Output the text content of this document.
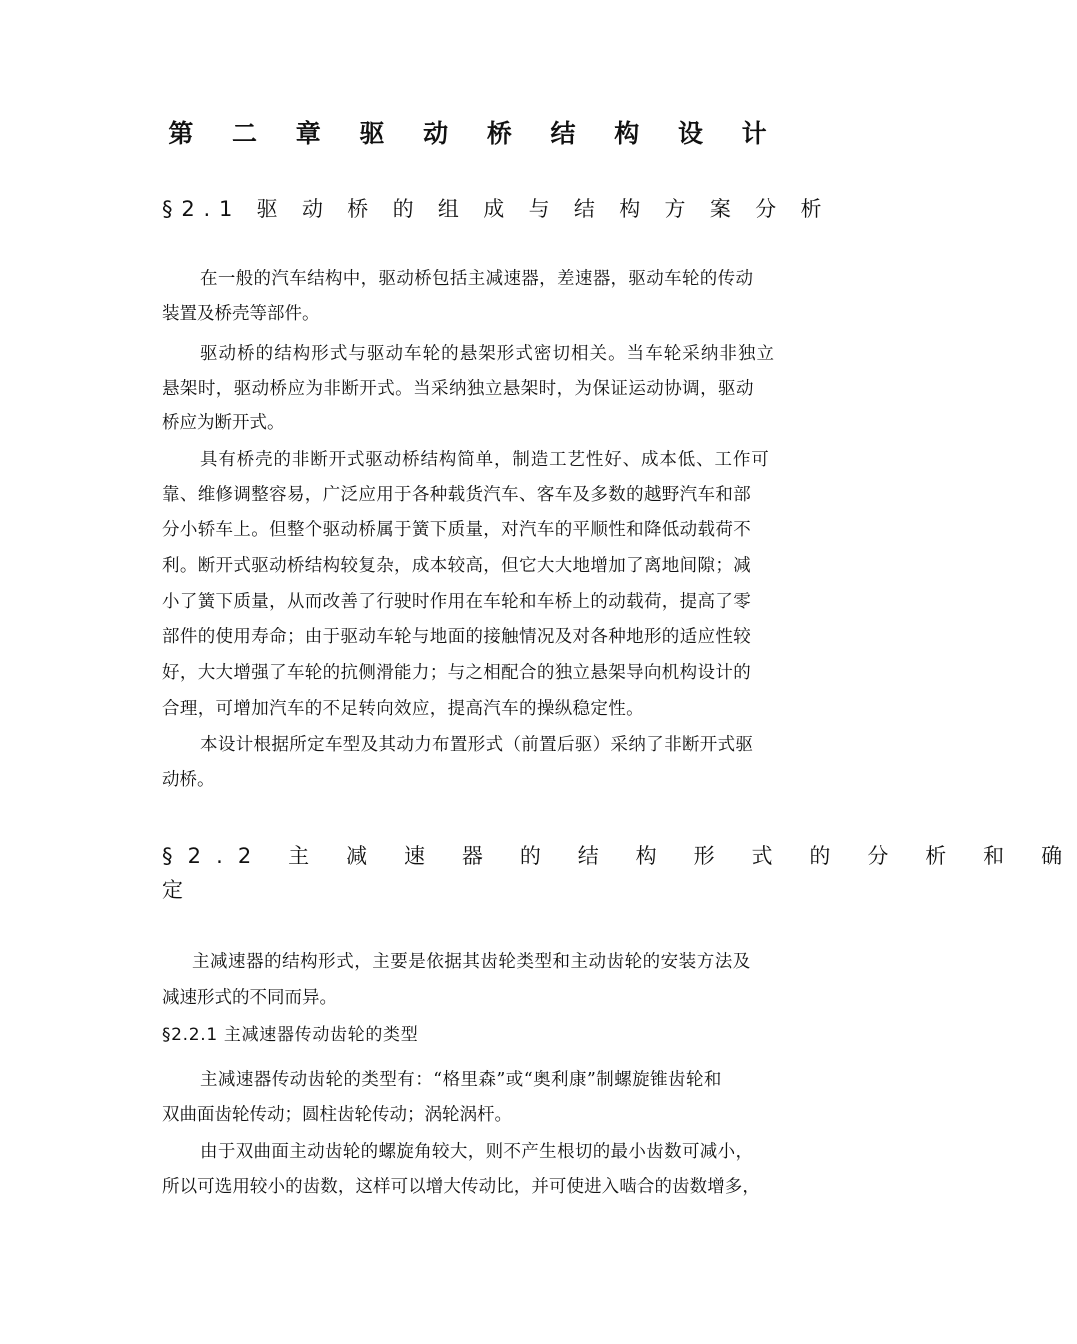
第 二 章 驱 动 桥 结 构 设 计
§2.1 驱 动 桥 的 组 成 与 结 构 方 案 分 析
在一般的汽车结构中，驱动桥包括主减速器，差速器，驱动车轮的传动
装置及桥壳等部件。
驱动桥的结构形式与驱动车轮的悬架形式密切相关。当车轮采纳非独立
悬架时，驱动桥应为非断开式。当采纳独立悬架时，为保证运动协调，驱动
桥应为断开式。
具有桥壳的非断开式驱动桥结构简单，制造工艺性好、成本低、工作可
靠、维修调整容易，广泛应用于各种载货汽车、客车及多数的越野汽车和部
分小轿车上。但整个驱动桥属于簧下质量，对汽车的平顺性和降低动载荷不
利。断开式驱动桥结构较复杂，成本较高，但它大大地增加了离地间隙；减
小了簧下质量，从而改善了行驶时作用在车轮和车桥上的动载荷，提高了零
部件的使用寿命；由于驱动车轮与地面的接触情况及对各种地形的适应性较
好，大大增强了车轮的抗侧滑能力；与之相配合的独立悬架导向机构设计的
合理，可增加汽车的不足转向效应，提高汽车的操纵稳定性。
本设计根据所定车型及其动力布置形式（前置后驱）采纳了非断开式驱
动桥。
§2.2 主 减 速 器 的 结 构 形 式 的 分 析 和 确
定
主减速器的结构形式，主要是依据其齿轮类型和主动齿轮的安装方法及
减速形式的不同而异。
§2.2.1 主减速器传动齿轮的类型
主减速器传动齿轮的类型有：“格里森”或“奥利康”制螺旋锥齿轮和
双曲面齿轮传动；圆柱齿轮传动；涡轮涡杆。
由于双曲面主动齿轮的螺旋角较大，则不产生根切的最小齿数可减小，
所以可选用较小的齿数，这样可以增大传动比，并可使进入啮合的齿数增多，
